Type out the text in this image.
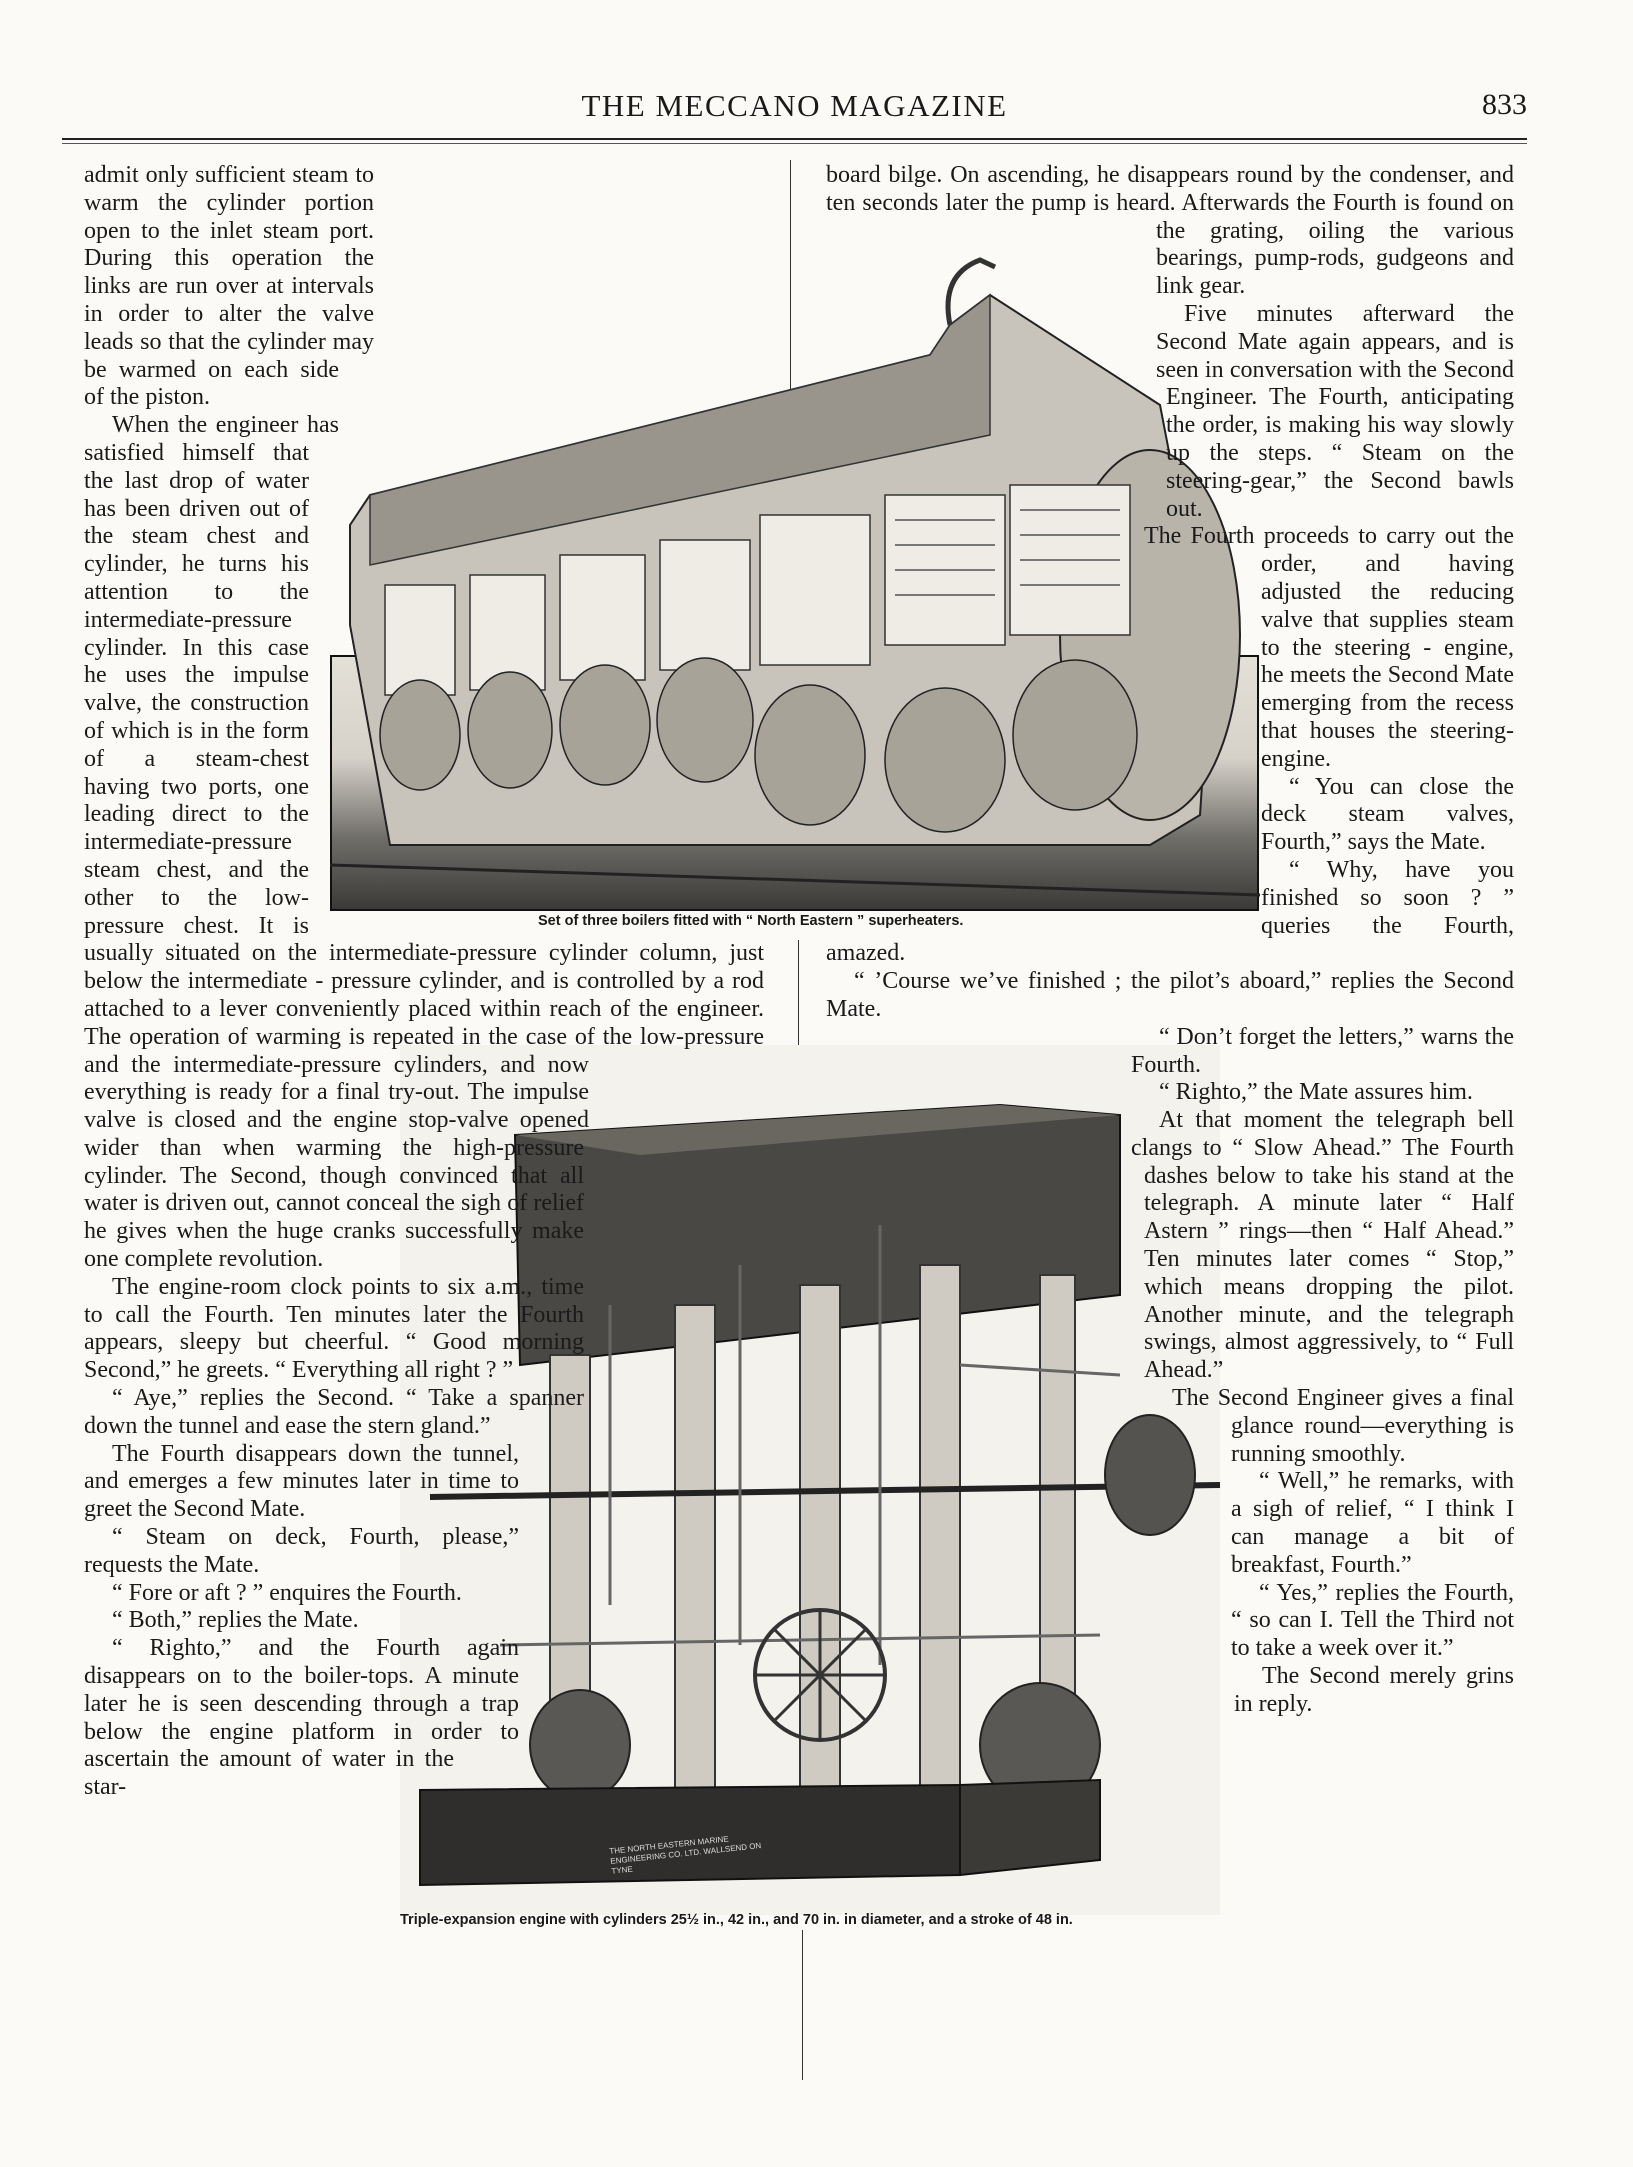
THE MECCANO MAGAZINE	833
Set of three boilers fitted with “ North Eastern ” superheaters.
THE NORTH EASTERN MARINE ENGINEERING CO. LTD. WALLSEND ON TYNE
Triple-expansion engine with cylinders 25½ in., 42 in., and 70 in. in diameter, and a stroke of 48 in.

admit only sufficient steam to warm the cylinder portion open to the inlet steam port. During this operation the links are run over at intervals in order to alter the valve leads so that the cylinder may be warmed on each side of the piston.

When the engineer has satisfied himself that the last drop of water has been driven out of the steam chest and cylinder, he turns his attention to the intermediate-pressure cylinder. In this case he uses the impulse valve, the construction of which is in the form of a steam-chest having two ports, one leading direct to the intermediate-pressure steam chest, and the other to the low-pressure chest. It is usually situated on the intermediate-pressure cylinder column, just below the intermediate - pressure cylinder, and is controlled by a rod attached to a lever conveniently placed within reach of the engineer. The operation of warming is repeated in the case of the low-pressure and the intermediate-pressure cylinders, and now everything is ready for a final try-out. The impulse valve is closed and the engine stop-valve opened wider than when warming the high-pressure cylinder. The Second, though convinced that all water is driven out, cannot conceal the sigh of relief he gives when the huge cranks successfully make one complete revolution.

The engine-room clock points to six a.m., time to call the Fourth. Ten minutes later the Fourth appears, sleepy but cheerful. “ Good morning Second,” he greets. “ Everything all right ? ”

“ Aye,” replies the Second. “ Take a spanner down the tunnel and ease the stern gland.”

The Fourth disappears down the tunnel, and emerges a few minutes later in time to greet the Second Mate.

“ Steam on deck, Fourth, please,” requests the Mate.

“ Fore or aft ? ” enquires the Fourth.

“ Both,” replies the Mate.

“ Righto,” and the Fourth again disappears on to the boiler-tops. A minute later he is seen descending through a trap below the engine platform in order to ascertain the amount of water in the star-

board bilge. On ascending, he disappears round by the condenser, and ten seconds later the pump is heard. Afterwards the Fourth is found on the grating, oiling the various bearings, pump-rods, gudgeons and link gear.

Five minutes afterward the Second Mate again appears, and is seen in conversation with the Second Engineer. The Fourth, anticipating the order, is making his way slowly up the steps. “ Steam on the steering-gear,” the Second bawls out.

The Fourth proceeds to carry out the order, and having adjusted the reducing valve that supplies steam to the steering - engine, he meets the Second Mate emerging from the recess that houses the steering-engine.

“ You can close the deck steam valves, Fourth,” says the Mate.

“ Why, have you finished so soon ? ” queries the Fourth, amazed.

“ ’Course we’ve finished ; the pilot’s aboard,” replies the Second Mate.

“ Don’t forget the letters,” warns the Fourth.

“ Righto,” the Mate assures him.

At that moment the telegraph bell clangs to “ Slow Ahead.” The Fourth dashes below to take his stand at the telegraph. A minute later “ Half Astern ” rings—then “ Half Ahead.” Ten minutes later comes “ Stop,” which means dropping the pilot. Another minute, and the telegraph swings, almost aggressively, to “ Full Ahead.”

The Second Engineer gives a final glance round—everything is running smoothly.

“ Well,” he remarks, with a sigh of relief, “ I think I can manage a bit of breakfast, Fourth.”

“ Yes,” replies the Fourth, “ so can I. Tell the Third not to take a week over it.”

The Second merely grins in reply.
